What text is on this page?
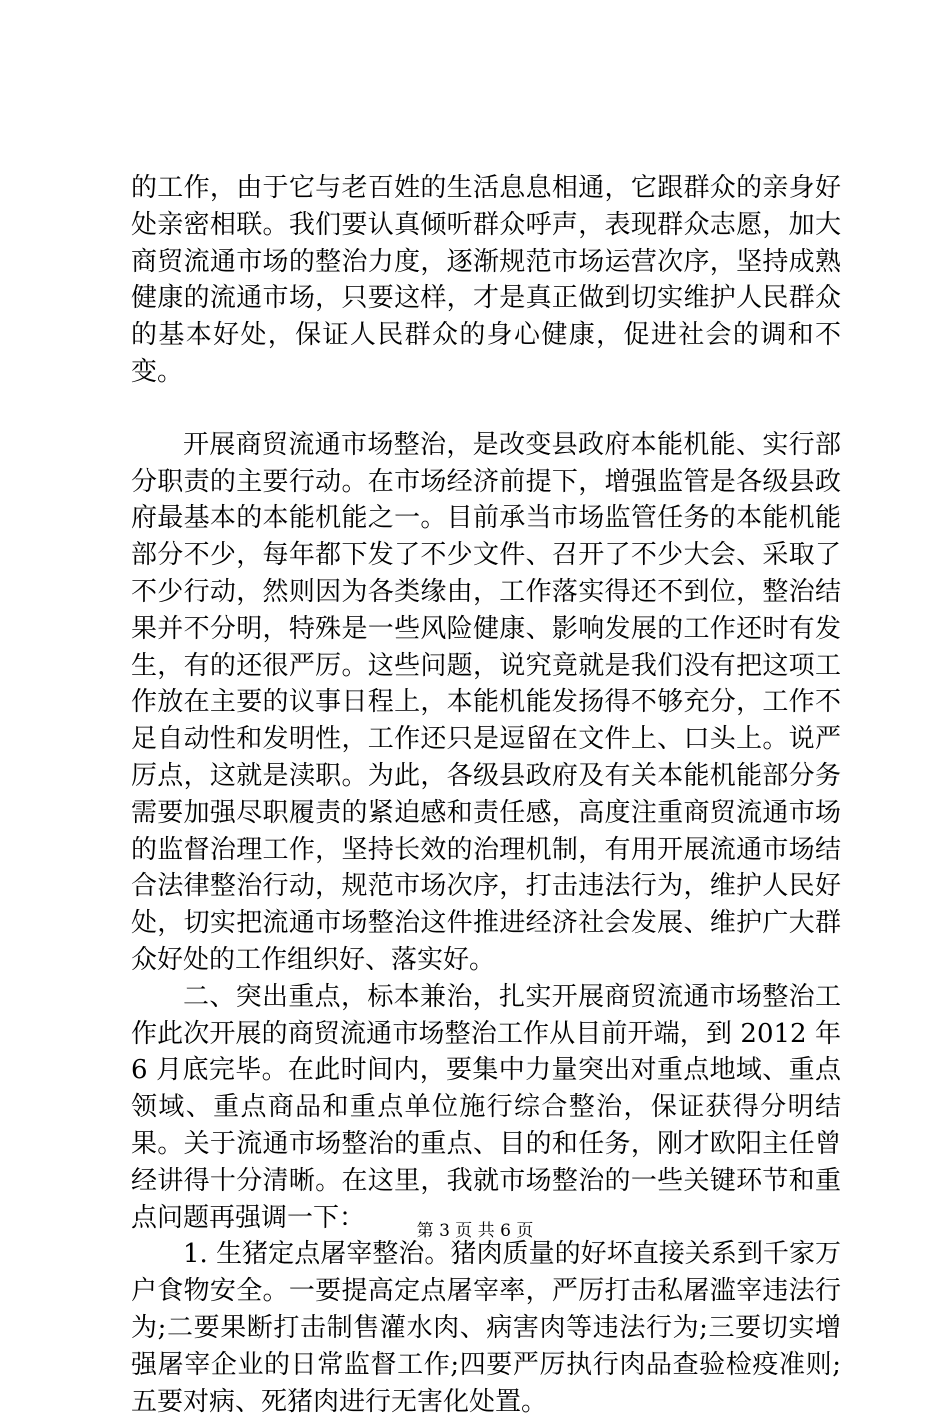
的工作，由于它与老百姓的生活息息相通，它跟群众的亲身好处亲密相联。我们要认真倾听群众呼声，表现群众志愿，加大商贸流通市场的整治力度，逐渐规范市场运营次序，坚持成熟健康的流通市场，只要这样，才是真正做到切实维护人民群众的基本好处，保证人民群众的身心健康，促进社会的调和不变。

开展商贸流通市场整治，是改变县政府本能机能、实行部分职责的主要行动。在市场经济前提下，增强监管是各级县政府最基本的本能机能之一。目前承当市场监管任务的本能机能部分不少，每年都下发了不少文件、召开了不少大会、采取了不少行动，然则因为各类缘由，工作落实得还不到位，整治结果并不分明，特殊是一些风险健康、影响发展的工作还时有发生，有的还很严厉。这些问题，说究竟就是我们没有把这项工作放在主要的议事日程上，本能机能发扬得不够充分，工作不足自动性和发明性，工作还只是逗留在文件上、口头上。说严厉点，这就是渎职。为此，各级县政府及有关本能机能部分务需要加强尽职履责的紧迫感和责任感，高度注重商贸流通市场的监督治理工作，坚持长效的治理机制，有用开展流通市场结合法律整治行动，规范市场次序，打击违法行为，维护人民好处，切实把流通市场整治这件推进经济社会发展、维护广大群众好处的工作组织好、落实好。

二、突出重点，标本兼治，扎实开展商贸流通市场整治工作此次开展的商贸流通市场整治工作从目前开端，到 2012 年 6 月底完毕。在此时间内，要集中力量突出对重点地域、重点领域、重点商品和重点单位施行综合整治，保证获得分明结果。关于流通市场整治的重点、目的和任务，刚才欧阳主任曾经讲得十分清晰。在这里，我就市场整治的一些关键环节和重点问题再强调一下：

1. 生猪定点屠宰整治。猪肉质量的好坏直接关系到千家万户食物安全。一要提高定点屠宰率，严厉打击私屠滥宰违法行为;二要果断打击制售灌水肉、病害肉等违法行为;三要切实增强屠宰企业的日常监督工作;四要严厉执行肉品查验检疫准则;五要对病、死猪肉进行无害化处置。

第 3 页 共 6 页
